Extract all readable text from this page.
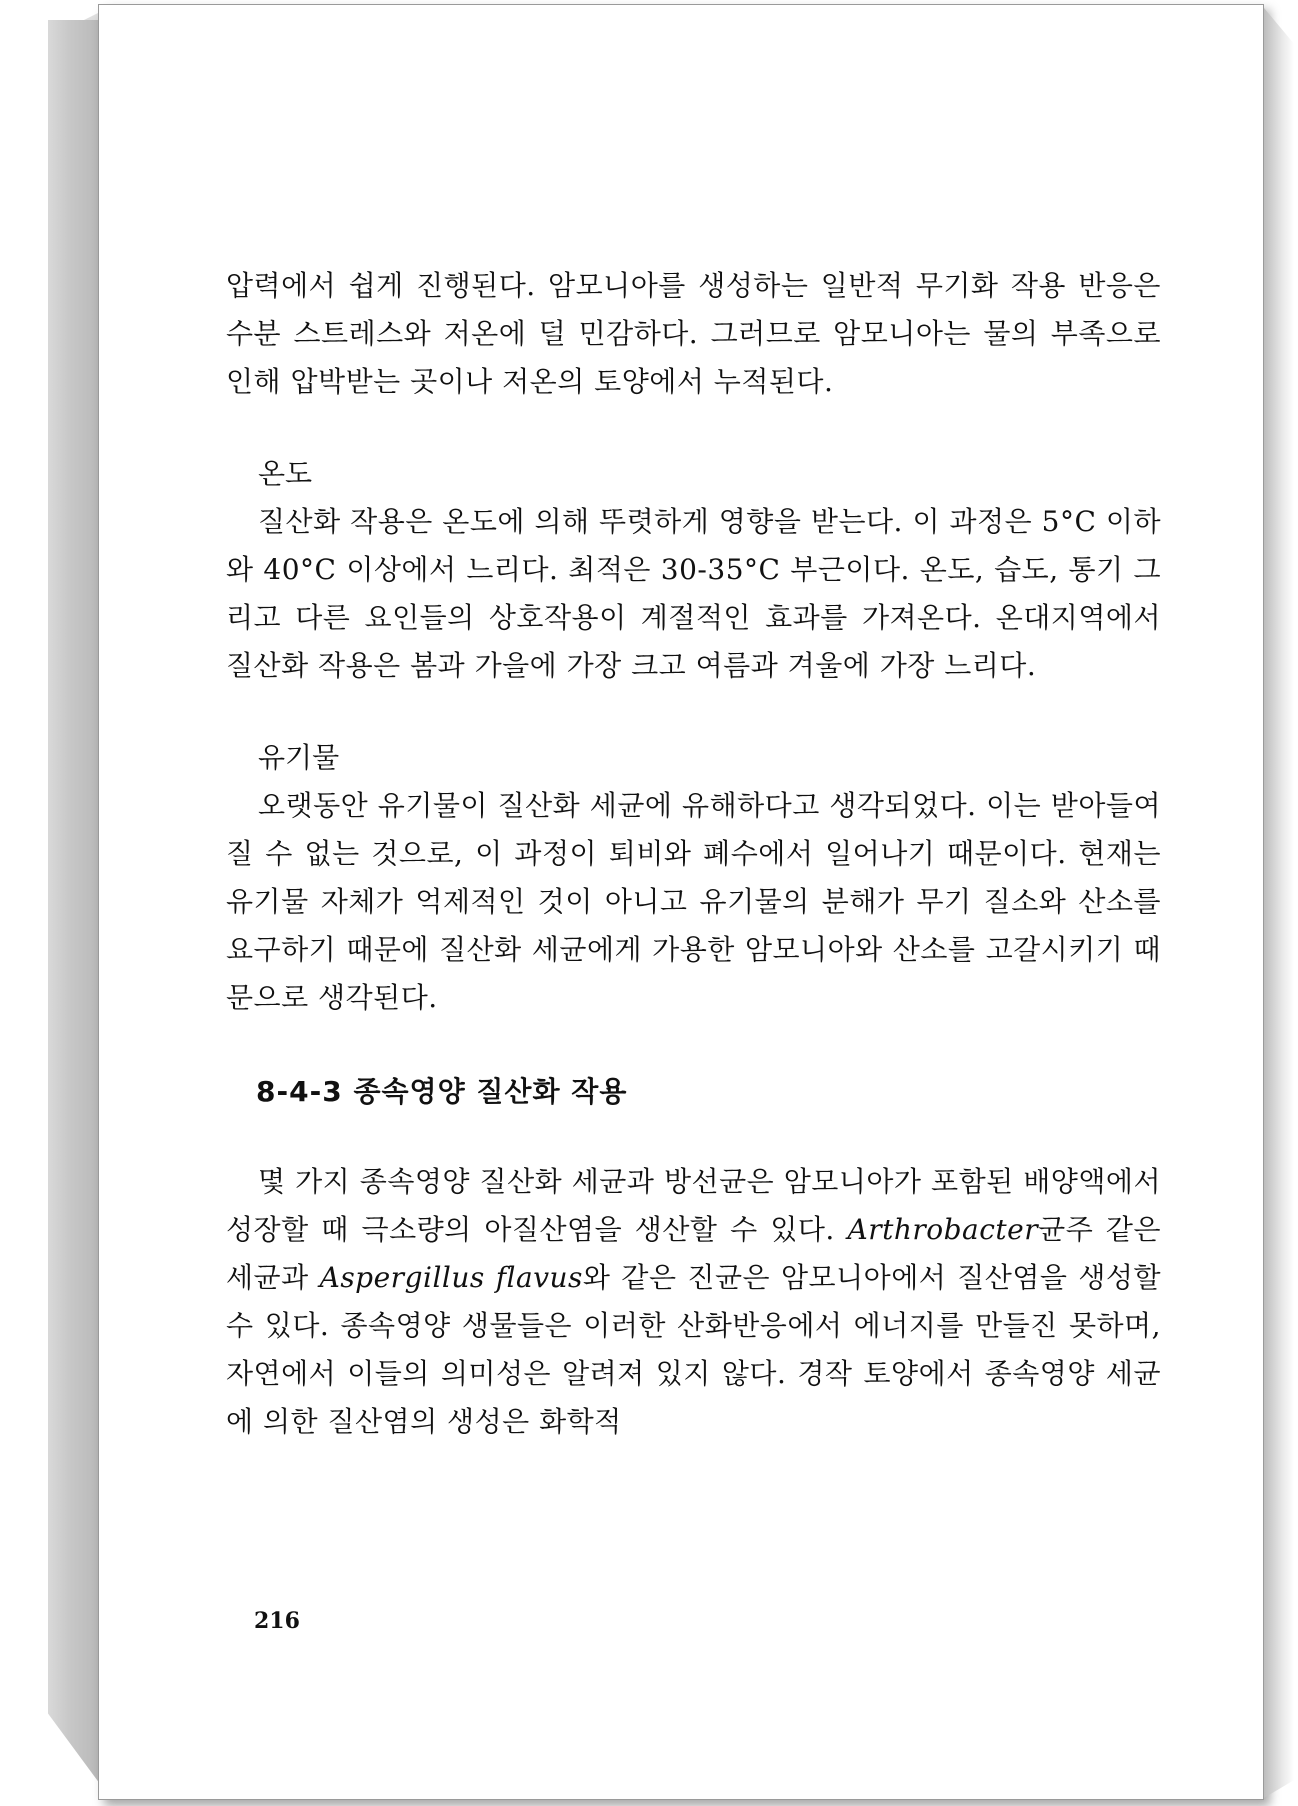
압력에서 쉽게 진행된다. 암모니아를 생성하는 일반적 무기화 작용 반응은 수분 스트레스와 저온에 덜 민감하다. 그러므로 암모니아는 물의 부족으로 인해 압박받는 곳이나 저온의 토양에서 누적된다.

온도

질산화 작용은 온도에 의해 뚜렷하게 영향을 받는다. 이 과정은 5°C 이하와 40°C 이상에서 느리다. 최적은 30-35°C 부근이다. 온도, 습도, 통기 그리고 다른 요인들의 상호작용이 계절적인 효과를 가져온다. 온대지역에서 질산화 작용은 봄과 가을에 가장 크고 여름과 겨울에 가장 느리다.

유기물

오랫동안 유기물이 질산화 세균에 유해하다고 생각되었다. 이는 받아들여질 수 없는 것으로, 이 과정이 퇴비와 폐수에서 일어나기 때문이다. 현재는 유기물 자체가 억제적인 것이 아니고 유기물의 분해가 무기 질소와 산소를 요구하기 때문에 질산화 세균에게 가용한 암모니아와 산소를 고갈시키기 때문으로 생각된다.

8-4-3 종속영양 질산화 작용

몇 가지 종속영양 질산화 세균과 방선균은 암모니아가 포함된 배양액에서 성장할 때 극소량의 아질산염을 생산할 수 있다. Arthrobacter균주 같은 세균과 Aspergillus flavus와 같은 진균은 암모니아에서 질산염을 생성할 수 있다. 종속영양 생물들은 이러한 산화반응에서 에너지를 만들진 못하며, 자연에서 이들의 의미성은 알려져 있지 않다. 경작 토양에서 종속영양 세균에 의한 질산염의 생성은 화학적

216
